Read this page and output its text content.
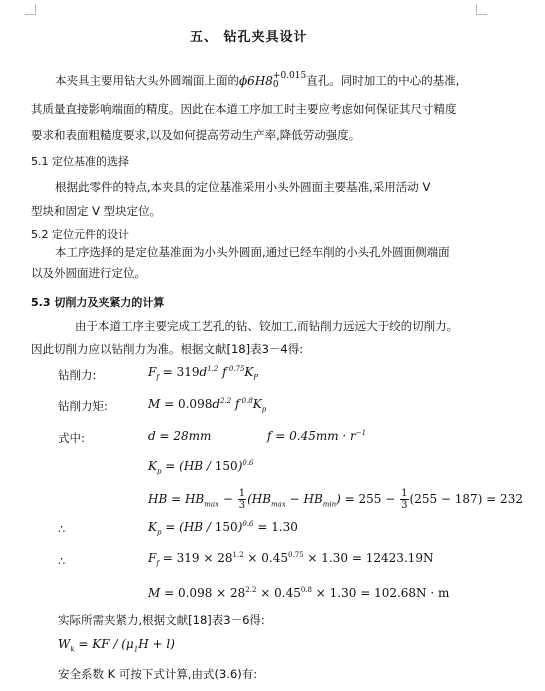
五、 钻孔夹具设计
本夹具主要用钻大头外圆端面上面的ϕ6H8 +0.015
0	直孔。同时加工的中心的基准,
其质量直接影响端面的精度。因此在本道工序加工时主要应考虑如何保证其尺寸精度
要求和表面粗糙度要求,以及如何提高劳动生产率,降低劳动强度。
5.1 定位基准的选择
根据此零件的特点,本夹具的定位基准采用小头外圆面主要基准,采用活动 V
型块和固定 V 型块定位。
5.2 定位元件的设计
本工序选择的是定位基准面为小头外圆面,通过已经车削的小头孔外圆面侧端面
以及外圆面进行定位。
5.3 切削力及夹紧力的计算
由于本道工序主要完成工艺孔的钻、铰加工,而钻削力远远大于绞的切削力。
因此切削力应以钻削力为准。根据文献[18]表3－4得:
钻削力:	$F_f = 319d^{1.2}$ f $^{0.75}K_P$
钻削力矩:	$M = 0.098d^{2.2}$ f $^{0.8}K_p$
式中:	d = 28mm	$f = 0.45mm \cdot r^{-1}$
$K_p = (HB / 150)^{0.6}$
HB = $HB_{max} - \frac{1}{3} (HB_{max} - HB_{min}) = 255 - \frac{1}{3} (255 - 187) = 232$
∴	$K_p = (HB / 150)^{0.6} = 1.30$
∴	$F_f = 319 \times 28^{1.2} \times 0.45^{0.75} \times 1.30 = 12423.19N$
$M = 0.098 \times 28^{2.2} \times 0.45^{0.8} \times 1.30 = 102.68N \cdot m$
实际所需夹紧力,根据文献[18]表3－6得:
$W_k$ = KF / $(\mu_1H + l)$
安全系数 K 可按下式计算,由式(3.6)有:
